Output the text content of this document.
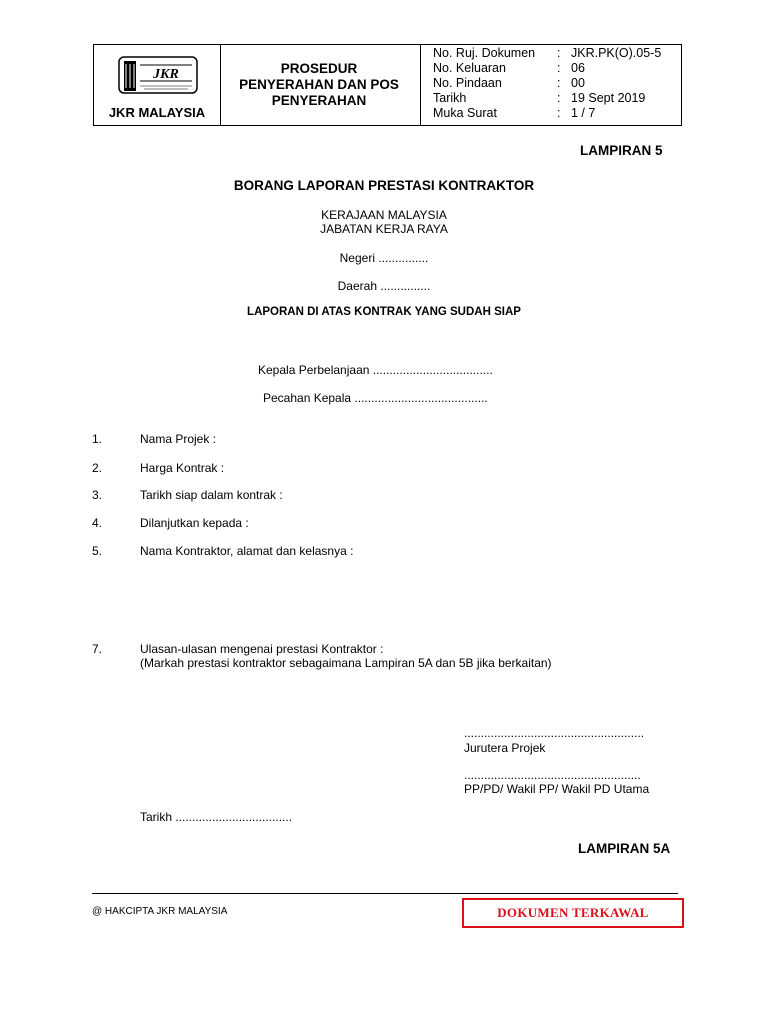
JKR
JKR MALAYSIA
PROSEDUR
PENYERAHAN DAN POS
PENYERAHAN
No. Ruj. Dokumen	: JKR.PK(O).05-5
No. Keluaran	: 06
No. Pindaan	: 00
Tarikh	: 19 Sept 2019
Muka Surat	: 1 / 7
LAMPIRAN 5
BORANG LAPORAN PRESTASI KONTRAKTOR
KERAJAAN MALAYSIA
JABATAN KERJA RAYA
Negeri ...............
Daerah ...............
LAPORAN DI ATAS KONTRAK YANG SUDAH SIAP
Kepala Perbelanjaan ....................................
Pecahan Kepala ........................................
1.	Nama Projek :
2.	Harga Kontrak :
3.	Tarikh siap dalam kontrak :
4.	Dilanjutkan kepada :
5.	Nama Kontraktor, alamat dan kelasnya :
7.	Ulasan-ulasan mengenai prestasi Kontraktor :
(Markah prestasi kontraktor sebagaimana Lampiran 5A dan 5B jika berkaitan)
......................................................
Jurutera Projek
.....................................................
PP/PD/ Wakil PP/ Wakil PD Utama
Tarikh ...................................
LAMPIRAN 5A
@ HAKCIPTA JKR MALAYSIA	DOKUMEN TERKAWAL
